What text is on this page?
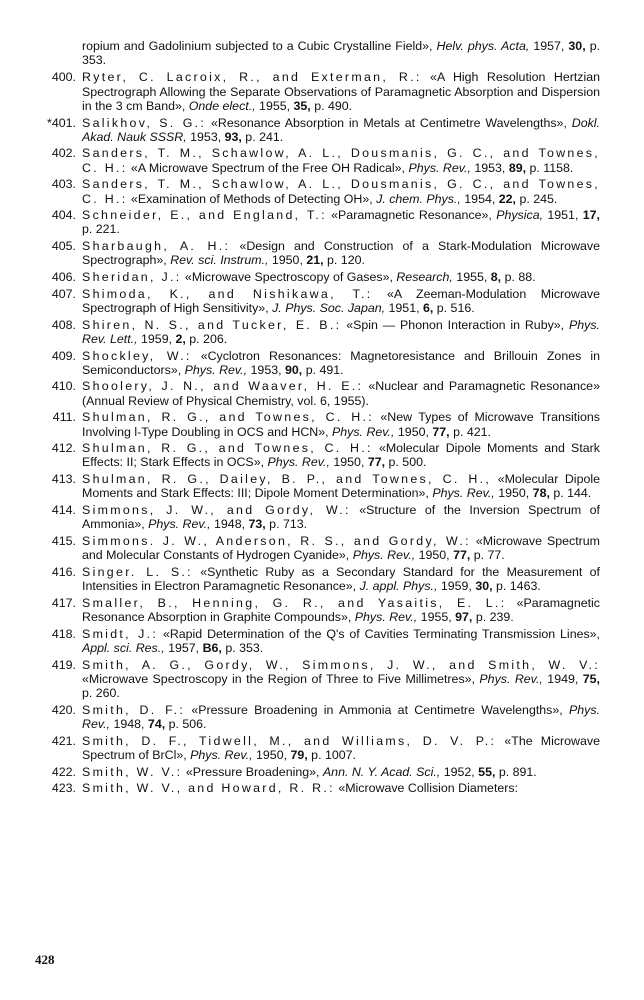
ropium and Gadolinium subjected to a Cubic Crystalline Field», Helv. phys. Acta, 1957, 30, p. 353.

400. Ryter, C. Lacroix, R., and Exterman, R.: «A High Resolution Hertzian Spectrograph Allowing the Separate Observations of Paramagnetic Absorption and Dispersion in the 3 cm Band», Onde elect., 1955, 35, p. 490.

*401. Salikhov, S. G.: «Resonance Absorption in Metals at Centimetre Wavelengths», Dokl. Akad. Nauk SSSR, 1953, 93, p. 241.

402. Sanders, T. M., Schawlow, A. L., Dousmanis, G. C., and Townes, C. H.: «A Microwave Spectrum of the Free OH Radical», Phys. Rev., 1953, 89, p. 1158.

403. Sanders, T. M., Schawlow, A. L., Dousmanis, G. C., and Townes, C. H.: «Examination of Methods of Detecting OH», J. chem. Phys., 1954, 22, p. 245.

404. Schneider, E., and England, T.: «Paramagnetic Resonance», Physica, 1951, 17, p. 221.

405. Sharbaugh, A. H.: «Design and Construction of a Stark-Modulation Microwave Spectrograph», Rev. sci. Instrum., 1950, 21, p. 120.

406. Sheridan, J.: «Microwave Spectroscopy of Gases», Research, 1955, 8, p. 88.

407. Shimoda, K., and Nishikawa, T.: «A Zeeman-Modulation Microwave Spectrograph of High Sensitivity», J. Phys. Soc. Japan, 1951, 6, p. 516.

408. Shiren, N. S., and Tucker, E. B.: «Spin — Phonon Interaction in Ruby», Phys. Rev. Lett., 1959, 2, p. 206.

409. Shockley, W.: «Cyclotron Resonances: Magnetoresistance and Brillouin Zones in Semiconductors», Phys. Rev., 1953, 90, p. 491.

410. Shoolery, J. N., and Waaver, H. E.: «Nuclear and Paramagnetic Resonance» (Annual Review of Physical Chemistry, vol. 6, 1955).

411. Shulman, R. G., and Townes, C. H.: «New Types of Microwave Transitions Involving l-Type Doubling in OCS and HCN», Phys. Rev., 1950, 77, p. 421.

412. Shulman, R. G., and Townes, C. H.: «Molecular Dipole Moments and Stark Effects: II; Stark Effects in OCS», Phys. Rev., 1950, 77, p. 500.

413. Shulman, R. G., Dailey, B. P., and Townes, C. H., «Molecular Dipole Moments and Stark Effects: III; Dipole Moment Determination», Phys. Rev., 1950, 78, p. 144.

414. Simmons, J. W., and Gordy, W.: «Structure of the Inversion Spectrum of Ammonia», Phys. Rev., 1948, 73, p. 713.

415. Simmons. J. W., Anderson, R. S., and Gordy, W.: «Microwave Spectrum and Molecular Constants of Hydrogen Cyanide», Phys. Rev., 1950, 77, p. 77.

416. Singer. L. S.: «Synthetic Ruby as a Secondary Standard for the Measurement of Intensities in Electron Paramagnetic Resonance», J. appl. Phys., 1959, 30, p. 1463.

417. Smaller, B., Henning, G. R., and Yasaitis, E. L.: «Paramagnetic Resonance Absorption in Graphite Compounds», Phys. Rev., 1955, 97, p. 239.

418. Smidt, J.: «Rapid Determination of the Q's of Cavities Terminating Transmission Lines», Appl. sci. Res., 1957, B6, p. 353.

419. Smith, A. G., Gordy, W., Simmons, J. W., and Smith, W. V.: «Microwave Spectroscopy in the Region of Three to Five Millimetres», Phys. Rev., 1949, 75, p. 260.

420. Smith, D. F.: «Pressure Broadening in Ammonia at Centimetre Wavelengths», Phys. Rev., 1948, 74, p. 506.

421. Smith, D. F., Tidwell, M., and Williams, D. V. P.: «The Microwave Spectrum of BrCl», Phys. Rev., 1950, 79, p. 1007.

422. Smith, W. V.: «Pressure Broadening», Ann. N. Y. Acad. Sci., 1952, 55, p. 891.

423. Smith, W. V., and Howard, R. R.: «Microwave Collision Diameters:

428
